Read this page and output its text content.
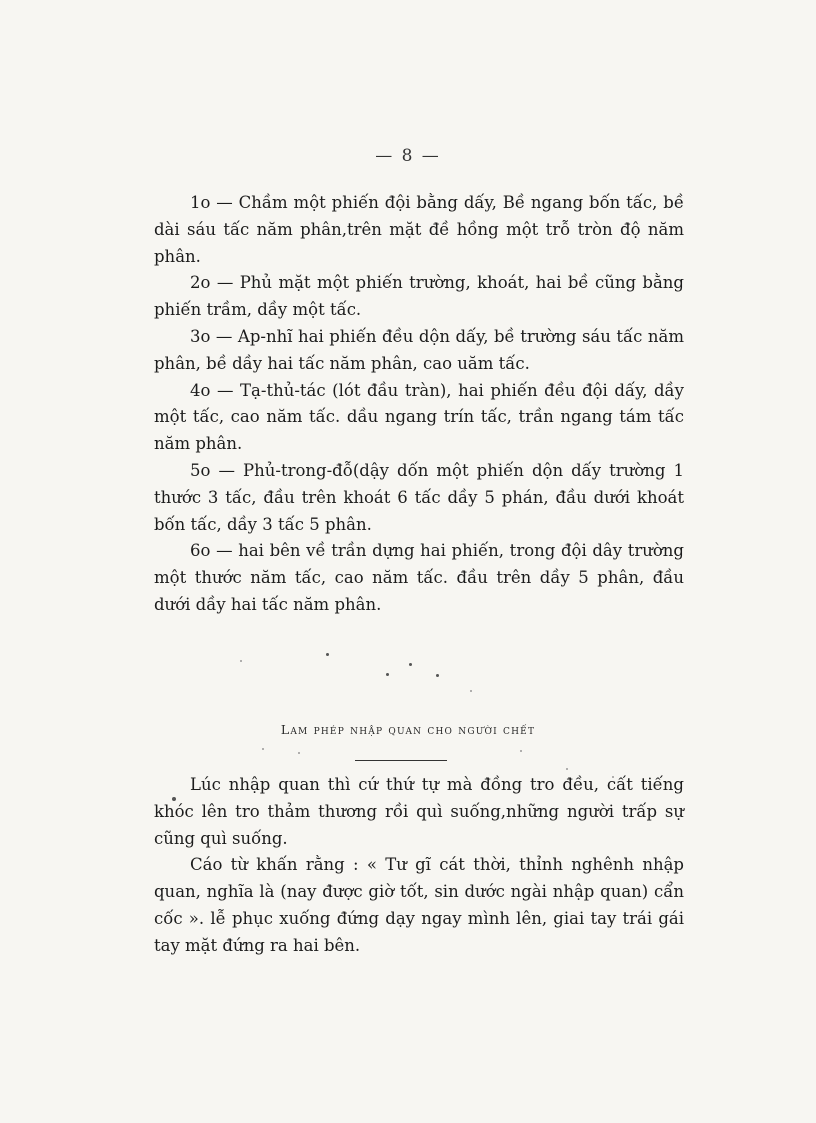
— 8 —

1o — Chầm một phiến đội bằng dấy, Bề ngang bốn tấc, bề dài sáu tấc năm phân,trên mặt đề hồng một trỗ tròn độ năm phân.

2o — Phủ mặt một phiến trường, khoát, hai bề cũng bằng phiến trầm, dầy một tấc.

3o — Ap-nhĩ hai phiến đều dộn dấy, bề trường sáu tấc năm phân, bề dầy hai tấc năm phân, cao uăm tấc.

4o — Tạ-thủ-tác (lót đầu tràn), hai phiến đều đội dấy, dầy một tấc, cao năm tấc. dầu ngang trín tấc, trần ngang tám tấc năm phân.

5o — Phủ-trong-đỗ(dậy dốn một phiến dộn dấy trường 1 thước 3 tấc, đầu trên khoát 6 tấc dầy 5 phán, đầu dưới khoát bốn tấc, dầy 3 tấc 5 phân.

6o — hai bên về trần dựng hai phiến, trong đội dây trường một thước năm tấc, cao năm tấc. đầu trên dầy 5 phân, đầu dưới dầy hai tấc năm phân.

Lam phép nhập quan cho người chết

Lúc nhập quan thì cứ thứ tự mà đồng tro đều, cất tiếng khóc lên tro thảm thương rồi quì suống,những người trấp sự cũng quì suống.

Cáo từ khấn rằng : « Tư gĩ cát thời, thỉnh nghênh nhập quan, nghĩa là (nay được giờ tốt, sin dước ngài nhập quan) cẩn cốc ». lễ phục xuống đứng dạy ngay mình lên, giai tay trái gái tay mặt đứng ra hai bên.
